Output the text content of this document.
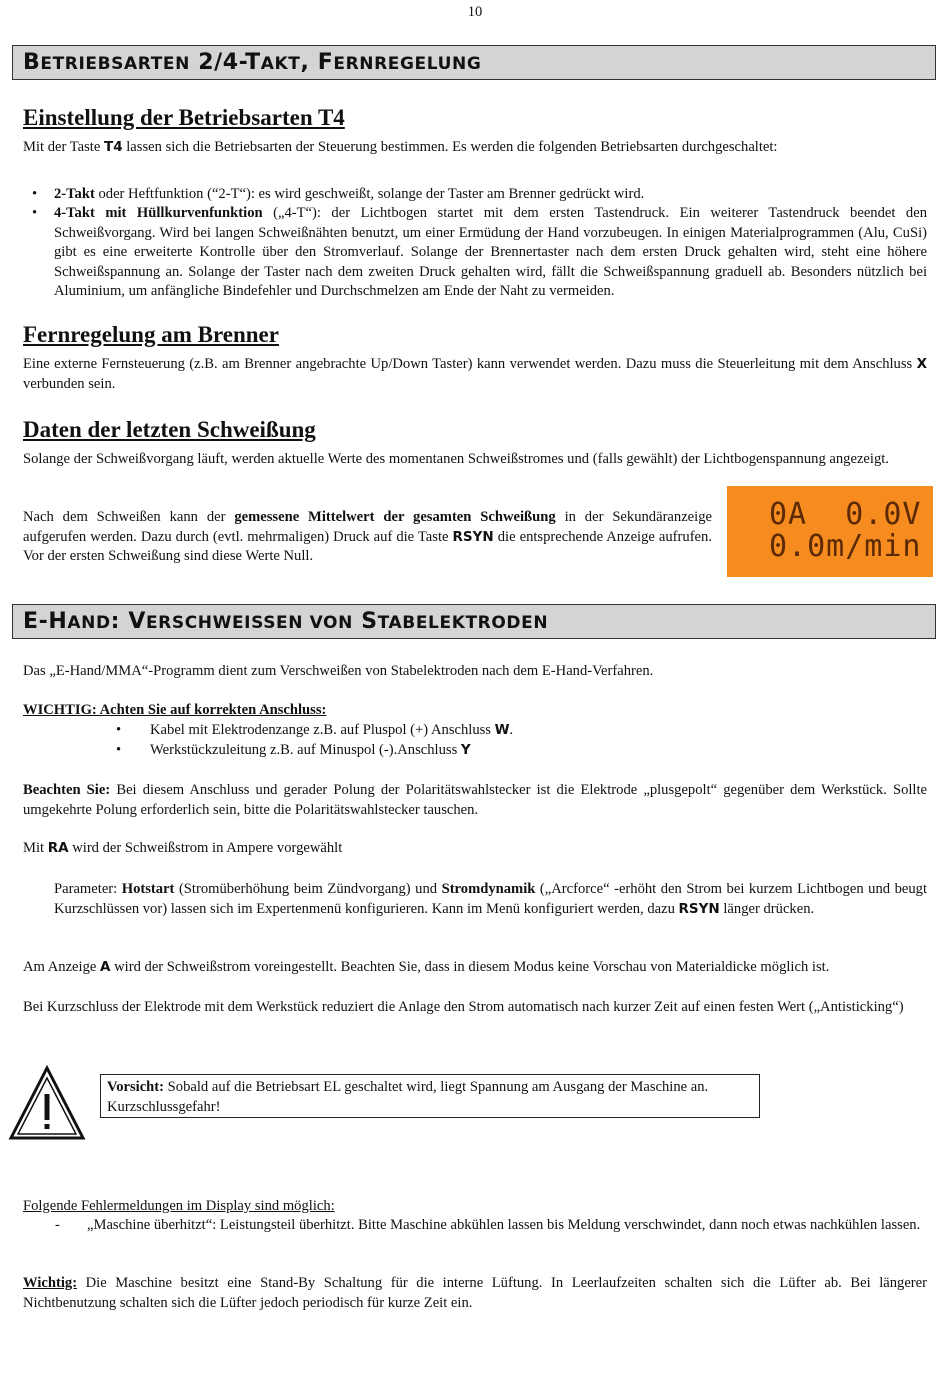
10
BETRIEBSARTEN 2/4-TAKT, FERNREGELUNG
Einstellung der Betriebsarten T4
Mit der Taste T4 lassen sich die Betriebsarten der Steuerung bestimmen. Es werden die folgenden Betriebsarten durchgeschaltet:
• 2-Takt oder Heftfunktion (“2-T“): es wird geschweißt, solange der Taster am Brenner gedrückt wird.
• 4-Takt mit Hüllkurvenfunktion („4-T“): der Lichtbogen startet mit dem ersten Tastendruck. Ein weiterer Tastendruck beendet den Schweißvorgang. Wird bei langen Schweißnähten benutzt, um einer Ermüdung der Hand vorzubeugen. In einigen Materialprogrammen (Alu, CuSi) gibt es eine erweiterte Kontrolle über den Stromverlauf. Solange der Brennertaster nach dem ersten Druck gehalten wird, steht eine höhere Schweißspannung an. Solange der Taster nach dem zweiten Druck gehalten wird, fällt die Schweißspannung graduell ab. Besonders nützlich bei Aluminium, um anfängliche Bindefehler und Durchschmelzen am Ende der Naht zu vermeiden.
Fernregelung am Brenner
Eine externe Fernsteuerung (z.B. am Brenner angebrachte Up/Down Taster) kann verwendet werden. Dazu muss die Steuerleitung mit dem Anschluss X verbunden sein.
Daten der letzten Schweißung
Solange der Schweißvorgang läuft, werden aktuelle Werte des momentanen Schweißstromes und (falls gewählt) der Lichtbogenspannung angezeigt.
Nach dem Schweißen kann der gemessene Mittelwert der gesamten Schweißung in der Sekundäranzeige aufgerufen werden. Dazu durch (evtl. mehrmaligen) Druck auf die Taste RSYN die entsprechende Anzeige aufrufen. Vor der ersten Schweißung sind diese Werte Null.
0A  0.0V
0.0m/min
E-HAND: VERSCHWEISSEN VON STABELEKTRODEN
Das „E-Hand/MMA“-Programm dient zum Verschweißen von Stabelektroden nach dem E-Hand-Verfahren.
WICHTIG: Achten Sie auf korrekten Anschluss:
• Kabel mit Elektrodenzange z.B. auf Pluspol (+) Anschluss W.
• Werkstückzuleitung z.B. auf Minuspol (-).Anschluss Y
Beachten Sie: Bei diesem Anschluss und gerader Polung der Polaritätswahlstecker ist die Elektrode „plusgepolt“ gegenüber dem Werkstück. Sollte umgekehrte Polung erforderlich sein, bitte die Polaritätswahlstecker tauschen.
Mit RA wird der Schweißstrom in Ampere vorgewählt
Parameter: Hotstart (Stromüberhöhung beim Zündvorgang) und Stromdynamik („Arcforce“ -erhöht den Strom bei kurzem Lichtbogen und beugt Kurzschlüssen vor) lassen sich im Expertenmenü konfigurieren. Kann im Menü konfiguriert werden, dazu RSYN länger drücken.
Am Anzeige A wird der Schweißstrom voreingestellt. Beachten Sie, dass in diesem Modus keine Vorschau von Materialdicke möglich ist.
Bei Kurzschluss der Elektrode mit dem Werkstück reduziert die Anlage den Strom automatisch nach kurzer Zeit auf einen festen Wert („Antisticking“)
Vorsicht: Sobald auf die Betriebsart EL geschaltet wird, liegt Spannung am Ausgang der Maschine an. Kurzschlussgefahr!
Folgende Fehlermeldungen im Display sind möglich:
- „Maschine überhitzt“: Leistungsteil überhitzt. Bitte Maschine abkühlen lassen bis Meldung verschwindet, dann noch etwas nachkühlen lassen.
Wichtig: Die Maschine besitzt eine Stand-By Schaltung für die interne Lüftung. In Leerlaufzeiten schalten sich die Lüfter ab. Bei längerer Nichtbenutzung schalten sich die Lüfter jedoch periodisch für kurze Zeit ein.
